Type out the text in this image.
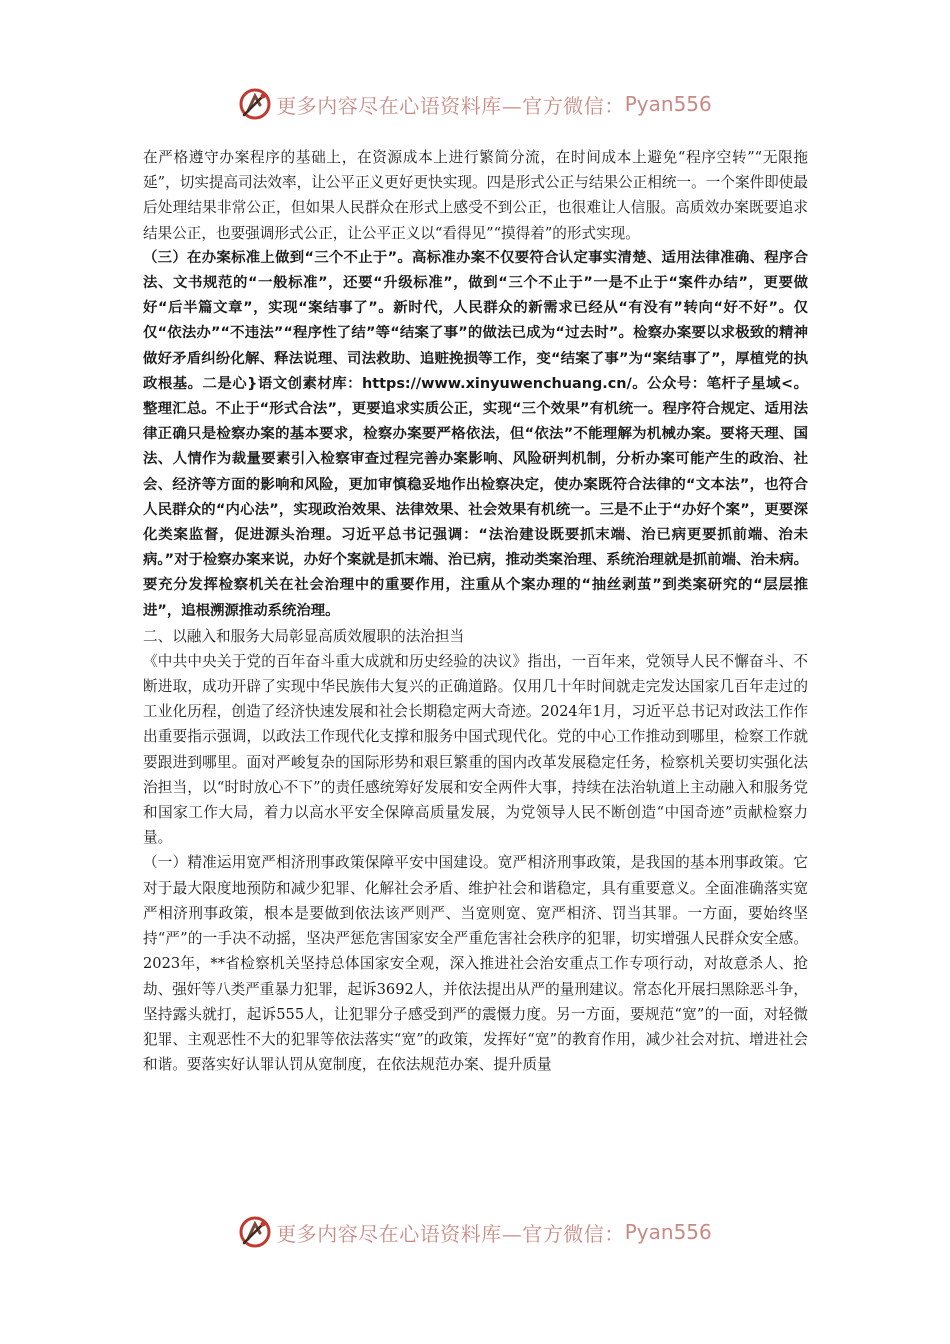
更多内容尽在心语资料库—官方微信： Pyan556

在严格遵守办案程序的基础上，在资源成本上进行繁简分流，在时间成本上避免“程序空转”“无限拖延”，切实提高司法效率，让公平正义更好更快实现。四是形式公正与结果公正相统一。一个案件即使最后处理结果非常公正，但如果人民群众在形式上感受不到公正，也很难让人信服。高质效办案既要追求结果公正，也要强调形式公正，让公平正义以“看得见”“摸得着”的形式实现。

（三）在办案标准上做到“三个不止于”。高标准办案不仅要符合认定事实清楚、适用法律准确、程序合法、文书规范的“一般标准”，还要“升级标准”，做到“三个不止于”一是不止于“案件办结”，更要做好“后半篇文章”，实现“案结事了”。新时代，人民群众的新需求已经从“有没有”转向“好不好”。仅仅“依法办”“不违法”“程序性了结”等“结案了事”的做法已成为“过去时”。检察办案要以求极致的精神做好矛盾纠纷化解、释法说理、司法救助、追赃挽损等工作，变“结案了事”为“案结事了”，厚植党的执政根基。二是心}语文创素材库：https://www.xinyuwenchuang.cn/。公众号：笔杆子星域<。整理汇总。不止于“形式合法”，更要追求实质公正，实现“三个效果”有机统一。程序符合规定、适用法律正确只是检察办案的基本要求，检察办案要严格依法，但“依法”不能理解为机械办案。要将天理、国法、人情作为裁量要素引入检察审查过程完善办案影响、风险研判机制，分析办案可能产生的政治、社会、经济等方面的影响和风险，更加审慎稳妥地作出检察决定，使办案既符合法律的“文本法”，也符合人民群众的“内心法”，实现政治效果、法律效果、社会效果有机统一。三是不止于“办好个案”，更要深化类案监督，促进源头治理。习近平总书记强调：“法治建设既要抓末端、治已病更要抓前端、治未病。”对于检察办案来说，办好个案就是抓末端、治已病，推动类案治理、系统治理就是抓前端、治未病。要充分发挥检察机关在社会治理中的重要作用，注重从个案办理的“抽丝剥茧”到类案研究的“层层推进”，追根溯源推动系统治理。

二、以融入和服务大局彰显高质效履职的法治担当

《中共中央关于党的百年奋斗重大成就和历史经验的决议》指出，一百年来，党领导人民不懈奋斗、不断进取，成功开辟了实现中华民族伟大复兴的正确道路。仅用几十年时间就走完发达国家几百年走过的工业化历程，创造了经济快速发展和社会长期稳定两大奇迹。2024年1月，习近平总书记对政法工作作出重要指示强调，以政法工作现代化支撑和服务中国式现代化。党的中心工作推动到哪里，检察工作就要跟进到哪里。面对严峻复杂的国际形势和艰巨繁重的国内改革发展稳定任务，检察机关要切实强化法治担当，以“时时放心不下”的责任感统筹好发展和安全两件大事，持续在法治轨道上主动融入和服务党和国家工作大局，着力以高水平安全保障高质量发展，为党领导人民不断创造“中国奇迹”贡献检察力量。

（一）精准运用宽严相济刑事政策保障平安中国建设。宽严相济刑事政策，是我国的基本刑事政策。它对于最大限度地预防和减少犯罪、化解社会矛盾、维护社会和谐稳定，具有重要意义。全面准确落实宽严相济刑事政策，根本是要做到依法该严则严、当宽则宽、宽严相济、罚当其罪。一方面，要始终坚持“严”的一手决不动摇，坚决严惩危害国家安全严重危害社会秩序的犯罪，切实增强人民群众安全感。2023年，**省检察机关坚持总体国家安全观，深入推进社会治安重点工作专项行动，对故意杀人、抢劫、强奸等八类严重暴力犯罪，起诉3692人，并依法提出从严的量刑建议。常态化开展扫黑除恶斗争，坚持露头就打，起诉555人，让犯罪分子感受到严的震慑力度。另一方面，要规范“宽”的一面，对轻微犯罪、主观恶性不大的犯罪等依法落实“宽”的政策，发挥好“宽”的教育作用，减少社会对抗、增进社会和谐。要落实好认罪认罚从宽制度，在依法规范办案、提升质量

更多内容尽在心语资料库—官方微信： Pyan556
